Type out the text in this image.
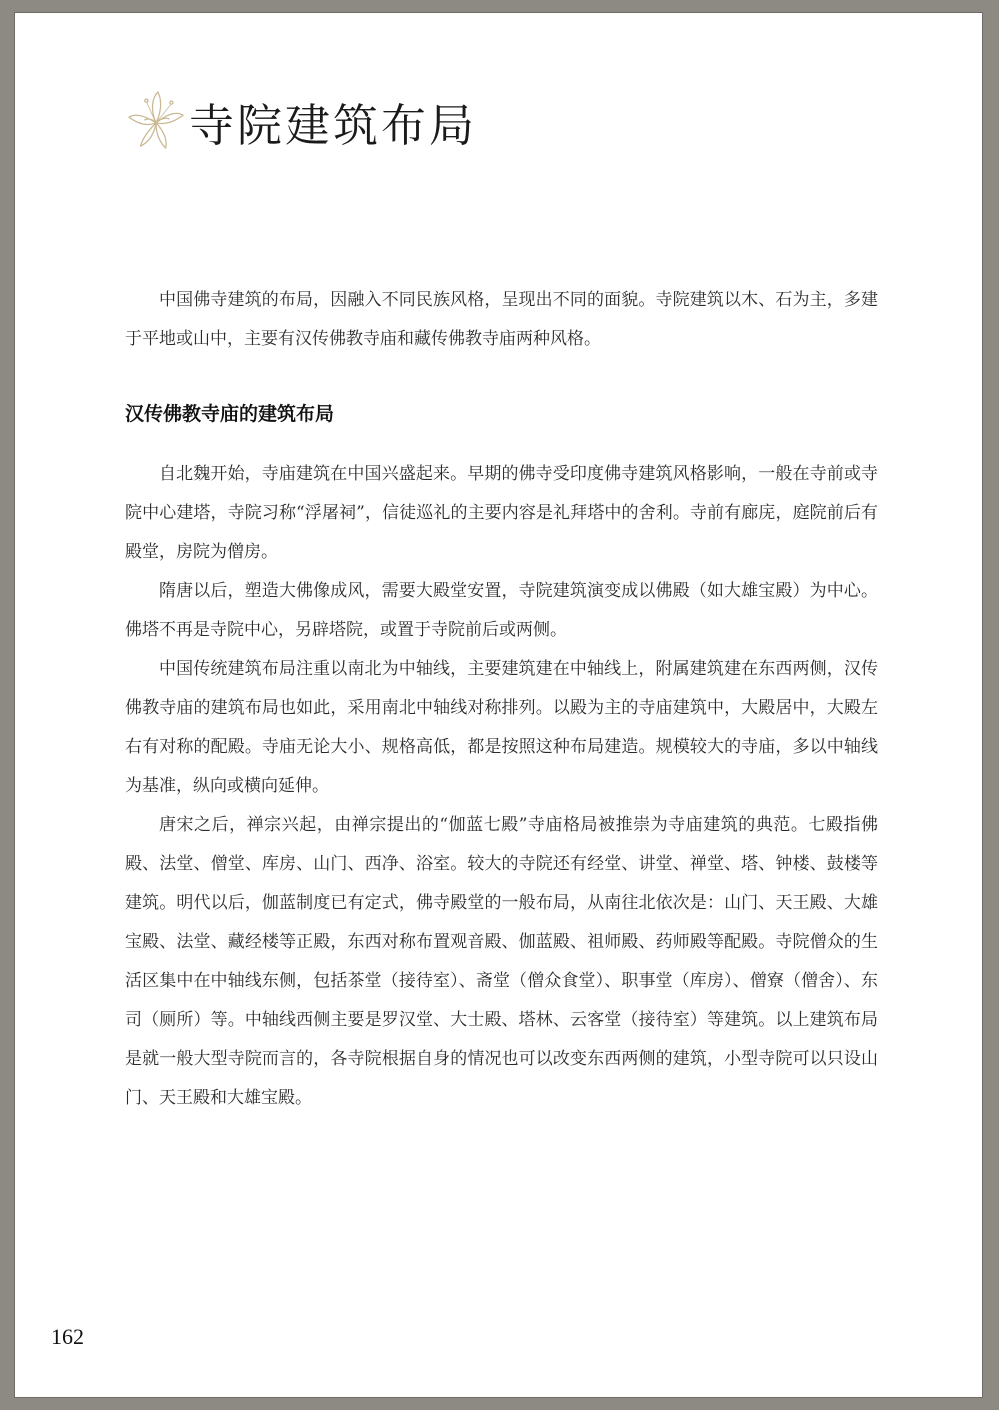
寺院建筑布局

中国佛寺建筑的布局，因融入不同民族风格，呈现出不同的面貌。寺院建筑以木、石为主，多建于平地或山中，主要有汉传佛教寺庙和藏传佛教寺庙两种风格。

汉传佛教寺庙的建筑布局

自北魏开始，寺庙建筑在中国兴盛起来。早期的佛寺受印度佛寺建筑风格影响，一般在寺前或寺院中心建塔，寺院习称“浮屠祠”，信徒巡礼的主要内容是礼拜塔中的舍利。寺前有廊庑，庭院前后有殿堂，房院为僧房。

隋唐以后，塑造大佛像成风，需要大殿堂安置，寺院建筑演变成以佛殿（如大雄宝殿）为中心。佛塔不再是寺院中心，另辟塔院，或置于寺院前后或两侧。

中国传统建筑布局注重以南北为中轴线，主要建筑建在中轴线上，附属建筑建在东西两侧，汉传佛教寺庙的建筑布局也如此，采用南北中轴线对称排列。以殿为主的寺庙建筑中，大殿居中，大殿左右有对称的配殿。寺庙无论大小、规格高低，都是按照这种布局建造。规模较大的寺庙，多以中轴线为基准，纵向或横向延伸。

唐宋之后，禅宗兴起，由禅宗提出的“伽蓝七殿”寺庙格局被推崇为寺庙建筑的典范。七殿指佛殿、法堂、僧堂、库房、山门、西净、浴室。较大的寺院还有经堂、讲堂、禅堂、塔、钟楼、鼓楼等建筑。明代以后，伽蓝制度已有定式，佛寺殿堂的一般布局，从南往北依次是：山门、天王殿、大雄宝殿、法堂、藏经楼等正殿，东西对称布置观音殿、伽蓝殿、祖师殿、药师殿等配殿。寺院僧众的生活区集中在中轴线东侧，包括茶堂（接待室）、斋堂（僧众食堂）、职事堂（库房）、僧寮（僧舍）、东司（厕所）等。中轴线西侧主要是罗汉堂、大士殿、塔林、云客堂（接待室）等建筑。以上建筑布局是就一般大型寺院而言的，各寺院根据自身的情况也可以改变东西两侧的建筑，小型寺院可以只设山门、天王殿和大雄宝殿。

162
